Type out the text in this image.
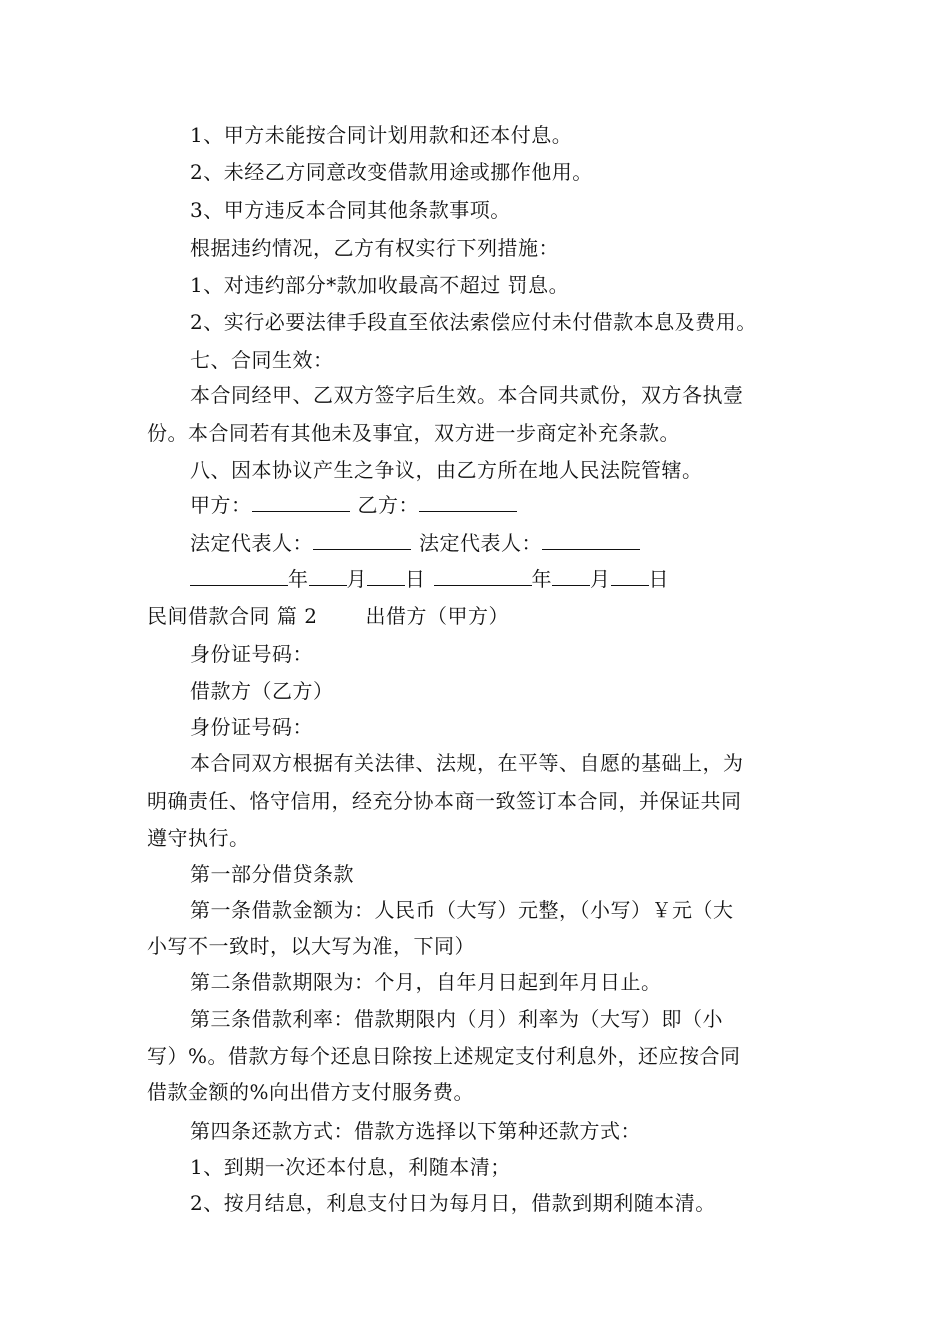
1、甲方未能按合同计划用款和还本付息。
2、未经乙方同意改变借款用途或挪作他用。
3、甲方违反本合同其他条款事项。
根据违约情况，乙方有权实行下列措施：
1、对违约部分*款加收最高不超过 罚息。
2、实行必要法律手段直至依法索偿应付未付借款本息及费用。
七、合同生效：
本合同经甲、乙双方签字后生效。本合同共贰份，双方各执壹
份。本合同若有其他未及事宜，双方进一步商定补充条款。
八、因本协议产生之争议，由乙方所在地人民法院管辖。
甲方：	乙方：
法定代表人：	法定代表人：
年 月 日	年 月 日
民间借款合同 篇 2 出借方（甲方）
身份证号码：
借款方（乙方）
身份证号码：
本合同双方根据有关法律、法规，在平等、自愿的基础上，为
明确责任、恪守信用，经充分协本商一致签订本合同，并保证共同
遵守执行。
第一部分借贷条款
第一条借款金额为：人民币（大写）元整，（小写）￥元（大
小写不一致时，以大写为准，下同）
第二条借款期限为：个月，自年月日起到年月日止。
第三条借款利率：借款期限内（月）利率为（大写）即（小
写）%。借款方每个还息日除按上述规定支付利息外，还应按合同
借款金额的%向出借方支付服务费。
第四条还款方式：借款方选择以下第种还款方式：
1、到期一次还本付息，利随本清；
2、按月结息，利息支付日为每月日，借款到期利随本清。
